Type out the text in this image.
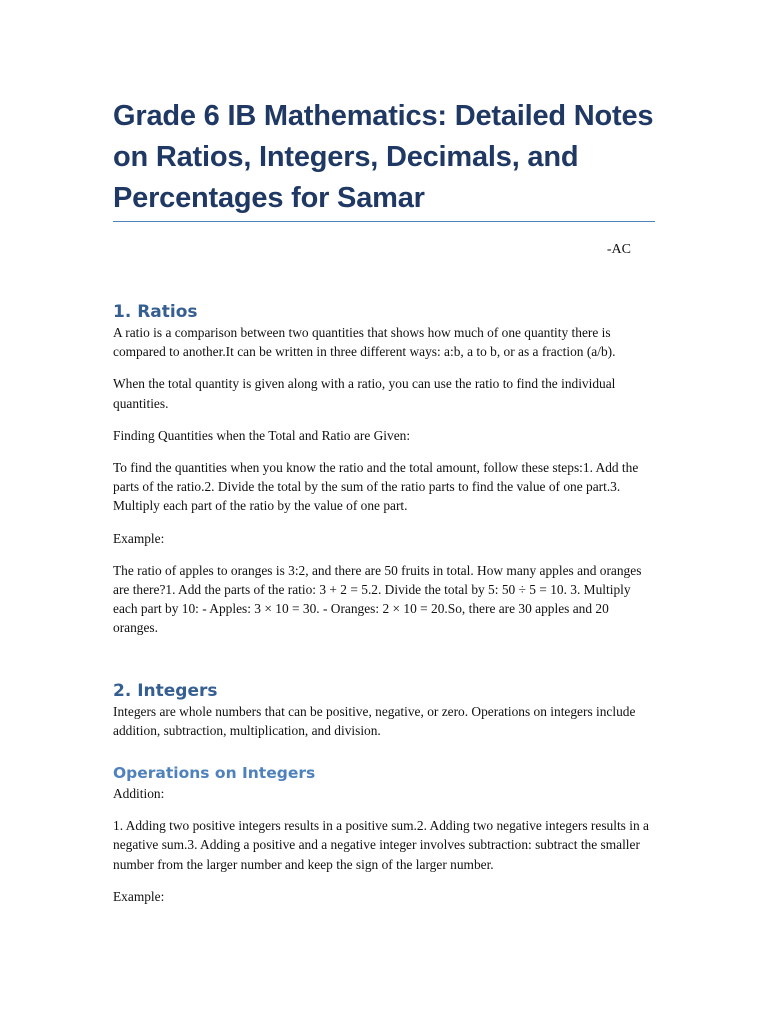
Grade 6 IB Mathematics: Detailed Notes on Ratios, Integers, Decimals, and Percentages for Samar
-AC
1. Ratios

A ratio is a comparison between two quantities that shows how much of one quantity there is compared to another.It can be written in three different ways: a:b, a to b, or as a fraction (a/b).

When the total quantity is given along with a ratio, you can use the ratio to find the individual quantities.

Finding Quantities when the Total and Ratio are Given:

To find the quantities when you know the ratio and the total amount, follow these steps:1. Add the parts of the ratio.2. Divide the total by the sum of the ratio parts to find the value of one part.3. Multiply each part of the ratio by the value of one part.

Example:

The ratio of apples to oranges is 3:2, and there are 50 fruits in total. How many apples and oranges are there?1. Add the parts of the ratio: 3 + 2 = 5.2. Divide the total by 5: 50 ÷ 5 = 10. 3. Multiply each part by 10: - Apples: 3 × 10 = 30. - Oranges: 2 × 10 = 20.So, there are 30 apples and 20 oranges.

2. Integers

Integers are whole numbers that can be positive, negative, or zero. Operations on integers include addition, subtraction, multiplication, and division.

Operations on Integers

Addition:

1. Adding two positive integers results in a positive sum.2. Adding two negative integers results in a negative sum.3. Adding a positive and a negative integer involves subtraction: subtract the smaller number from the larger number and keep the sign of the larger number.

Example:
